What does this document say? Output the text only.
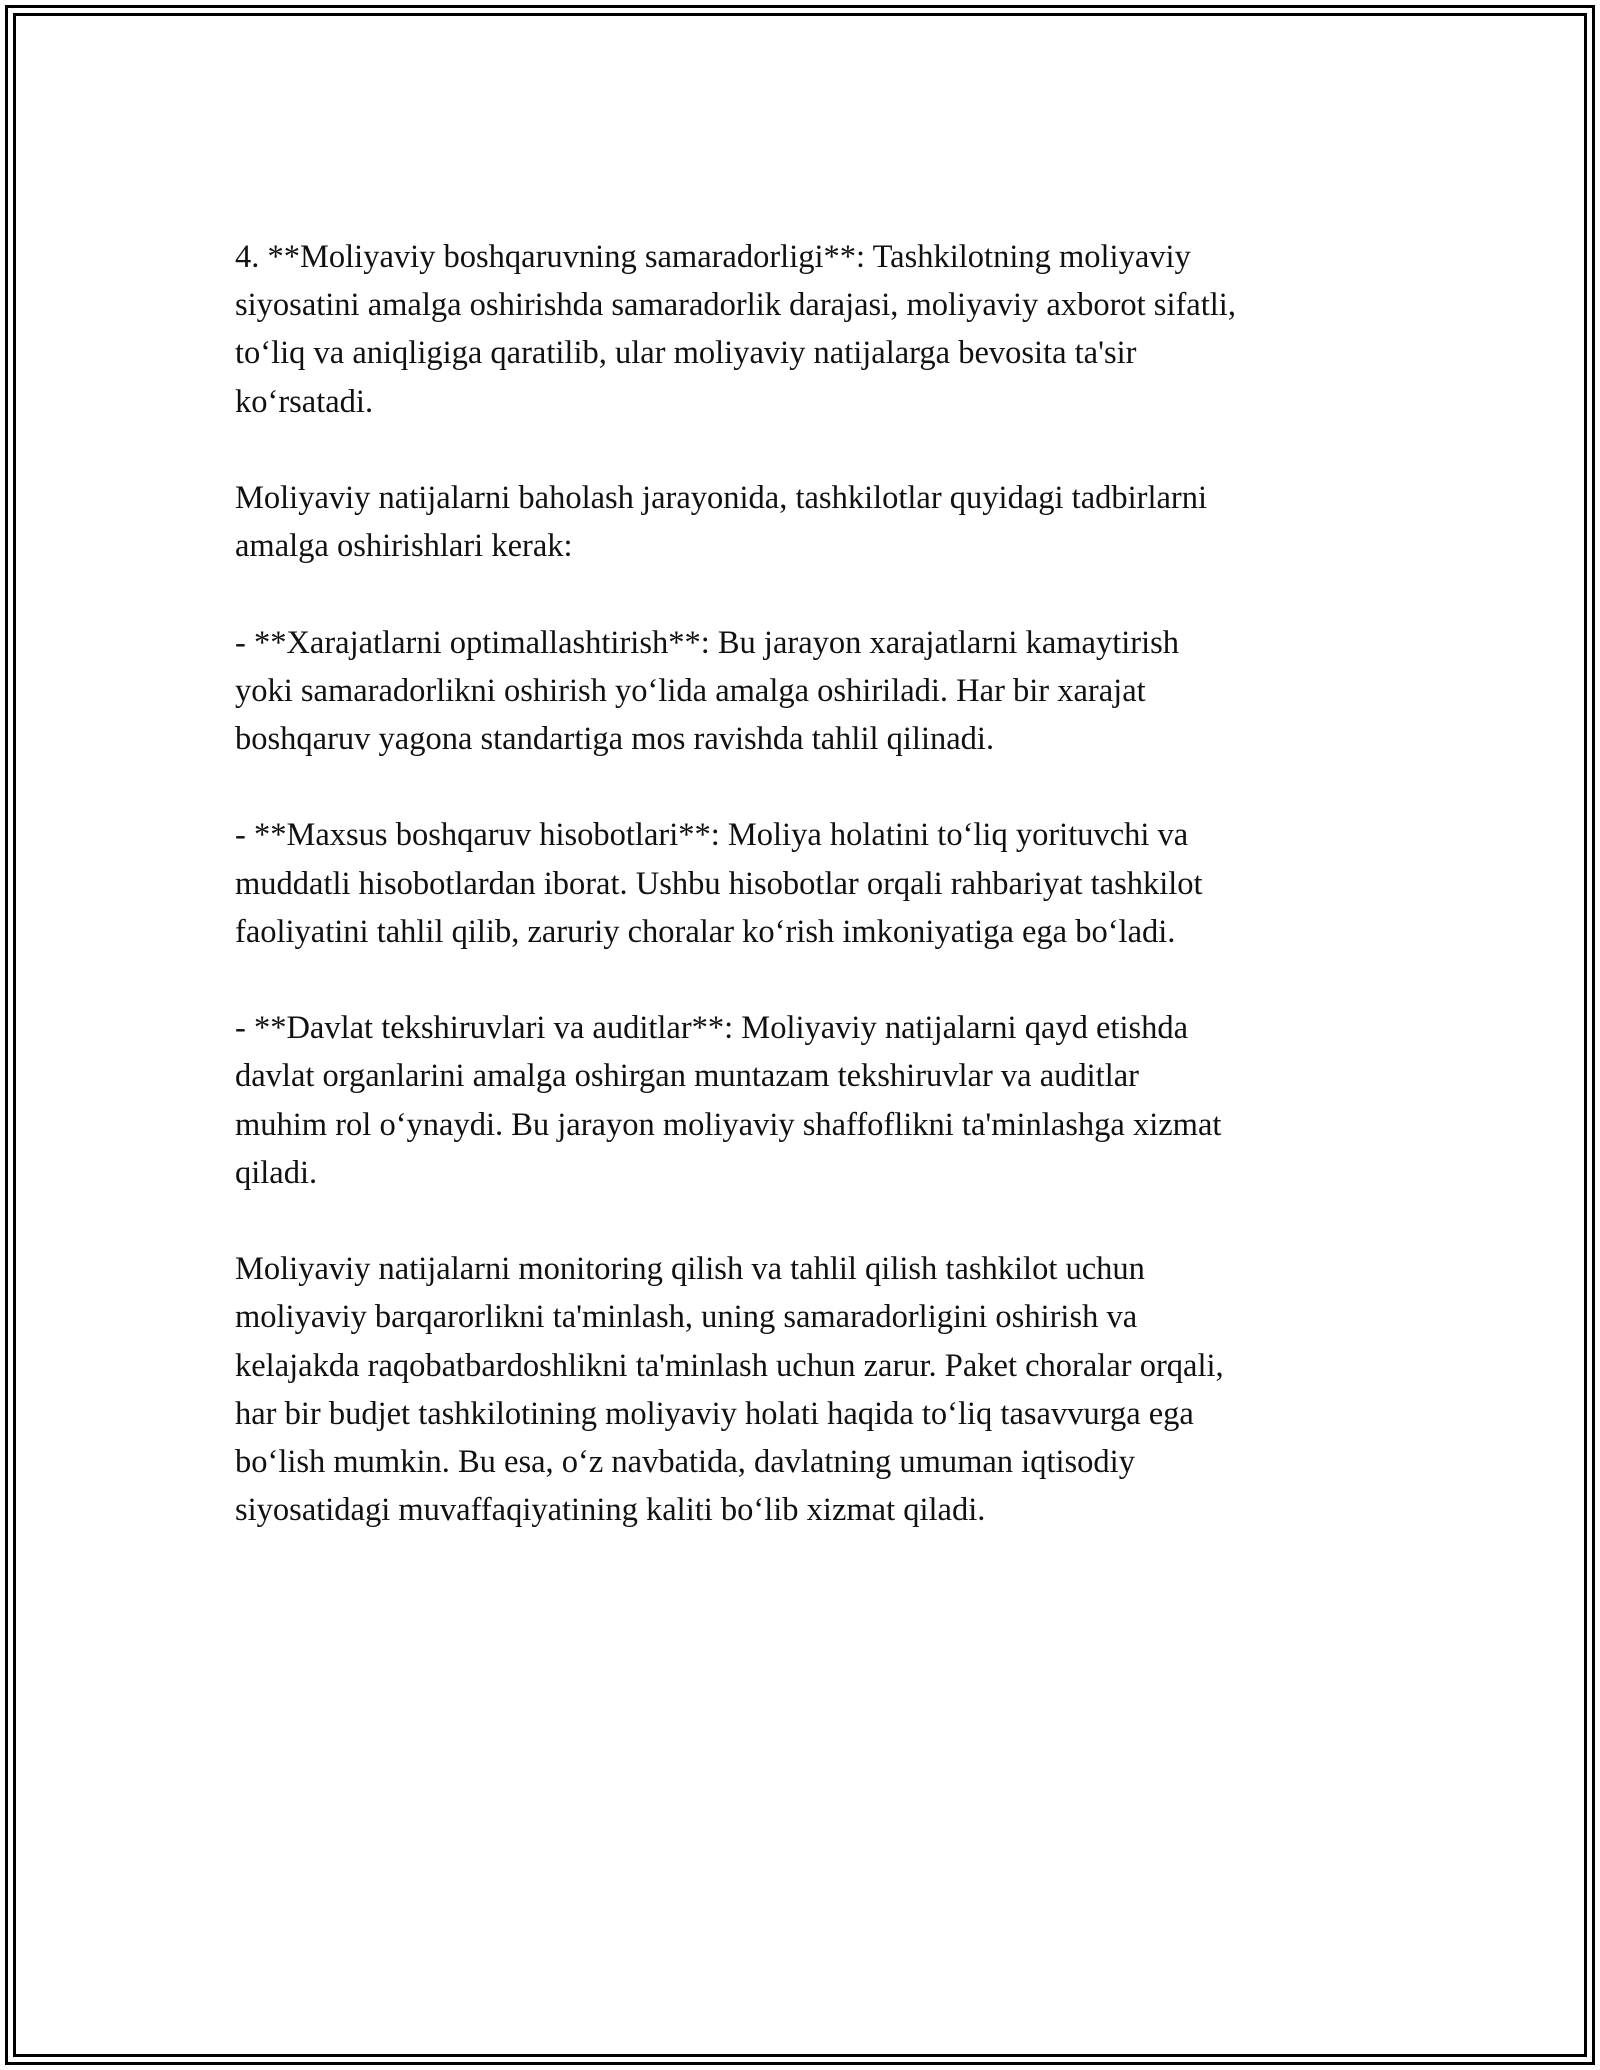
4. **Moliyaviy boshqaruvning samaradorligi**: Tashkilotning moliyaviy
siyosatini amalga oshirishda samaradorlik darajasi, moliyaviy axborot sifatli,
to‘liq va aniqligiga qaratilib, ular moliyaviy natijalarga bevosita ta'sir
ko‘rsatadi.

Moliyaviy natijalarni baholash jarayonida, tashkilotlar quyidagi tadbirlarni
amalga oshirishlari kerak:

- **Xarajatlarni optimallashtirish**: Bu jarayon xarajatlarni kamaytirish
yoki samaradorlikni oshirish yo‘lida amalga oshiriladi. Har bir xarajat
boshqaruv yagona standartiga mos ravishda tahlil qilinadi.

- **Maxsus boshqaruv hisobotlari**: Moliya holatini to‘liq yorituvchi va
muddatli hisobotlardan iborat. Ushbu hisobotlar orqali rahbariyat tashkilot
faoliyatini tahlil qilib, zaruriy choralar ko‘rish imkoniyatiga ega bo‘ladi.

- **Davlat tekshiruvlari va auditlar**: Moliyaviy natijalarni qayd etishda
davlat organlarini amalga oshirgan muntazam tekshiruvlar va auditlar
muhim rol o‘ynaydi. Bu jarayon moliyaviy shaffoflikni ta'minlashga xizmat
qiladi.

Moliyaviy natijalarni monitoring qilish va tahlil qilish tashkilot uchun
moliyaviy barqarorlikni ta'minlash, uning samaradorligini oshirish va
kelajakda raqobatbardoshlikni ta'minlash uchun zarur. Paket choralar orqali,
har bir budjet tashkilotining moliyaviy holati haqida to‘liq tasavvurga ega
bo‘lish mumkin. Bu esa, o‘z navbatida, davlatning umuman iqtisodiy
siyosatidagi muvaffaqiyatining kaliti bo‘lib xizmat qiladi.
